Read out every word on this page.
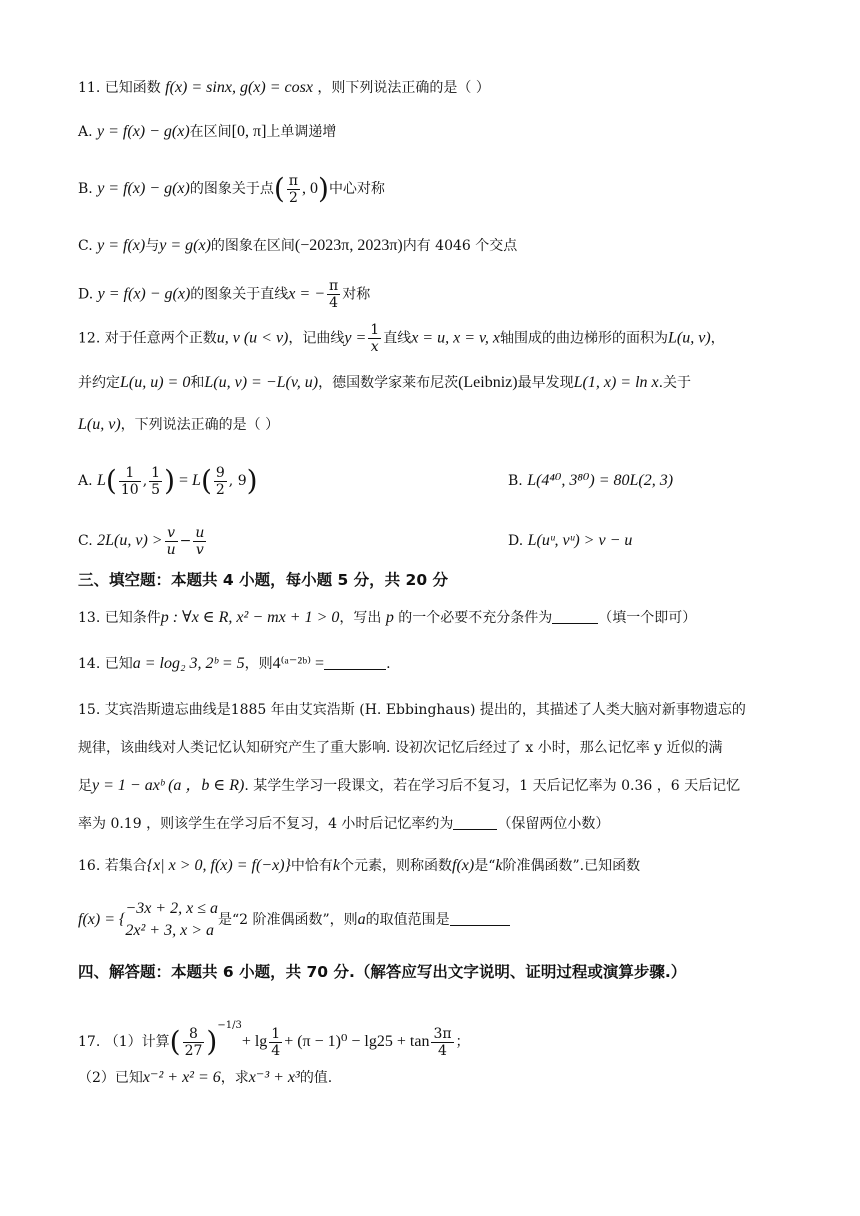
11. 已知函数 f(x) = sinx, g(x) = cosx ，则下列说法正确的是（ ）
A. y = f(x) − g(x)在区间[0, π]上单调递增
B. y = f(x) − g(x)的图象关于点( $\frac{\pi}{2}$ , 0)中心对称
C. y = f(x)与y = g(x)的图象在区间(−2023π, 2023π)内有 4046 个交点
D. y = f(x) − g(x)的图象关于直线x = − $\frac{\pi}{4}$ 对称
12. 对于任意两个正数u, v (u < v)，记曲线$y = \frac{1}{x}$ 直线x = u, x = v, x轴围成的曲边梯形的面积为L(u, v)，
并约定L(u, u) = 0和L(u, v) = −L(v, u)，德国数学家莱布尼茨(Leibniz)最早发现L(1, x) = ln x.关于
L(u, v)，下列说法正确的是（ ）
A. $L( \frac{1}{10}$ , $\frac{1}{5}$ ) = $L( \frac{9}{2}$ , 9)	B. L(4⁴⁰, 3⁸⁰) = 80L(2, 3)
C. 2L(u, $v) > \frac{v}{u} - \frac{u}{v}$	D. L(uᵘ, vᵘ) > v − u
三、填空题：本题共 4 小题，每小题 5 分，共 20 分
13. 已知条件p : ∀x ∈ R, x² − mx + 1 > 0，写出 p 的一个必要不充分条件为	（填一个即可）
14. 已知a = log₂ 3, 2ᵇ = 5，则4⁽ᵃ⁻²ᵇ⁾ =	.
15. 艾宾浩斯遗忘曲线是1885 年由艾宾浩斯 (H. Ebbinghaus) 提出的，其描述了人类大脑对新事物遗忘的
规律，该曲线对人类记忆认知研究产生了重大影响. 设初次记忆后经过了 x 小时，那么记忆率 y 近似的满
足y = 1 − axᵇ (a ，b ∈ R). 某学生学习一段课文，若在学习后不复习，1 天后记忆率为 0.36 ，6 天后记忆
率为 0.19 ，则该学生在学习后不复习，4 小时后记忆率约为	（保留两位小数）
16. 若集合{x| x > 0, f(x) = f(−x)}中恰有k个元素，则称函数f(x)是“k阶准偶函数”.已知函数
f(x) = {
−3x + 2, x ≤ a
2x² + 3, x > a
是“2 阶准偶函数”，则a的取值范围是
四、解答题：本题共 6 小题，共 70 分.（解答应写出文字说明、证明过程或演算步骤.）
17. （1）计算( $\frac{8}{27} )^{-1/3}+ \lg \frac{1}{4} + (\pi - 1)^0 - \lg 25 + \tan \frac{3\pi}{4}$ ；
（2）已知x⁻² + x² = 6，求x⁻³ + x³的值.
